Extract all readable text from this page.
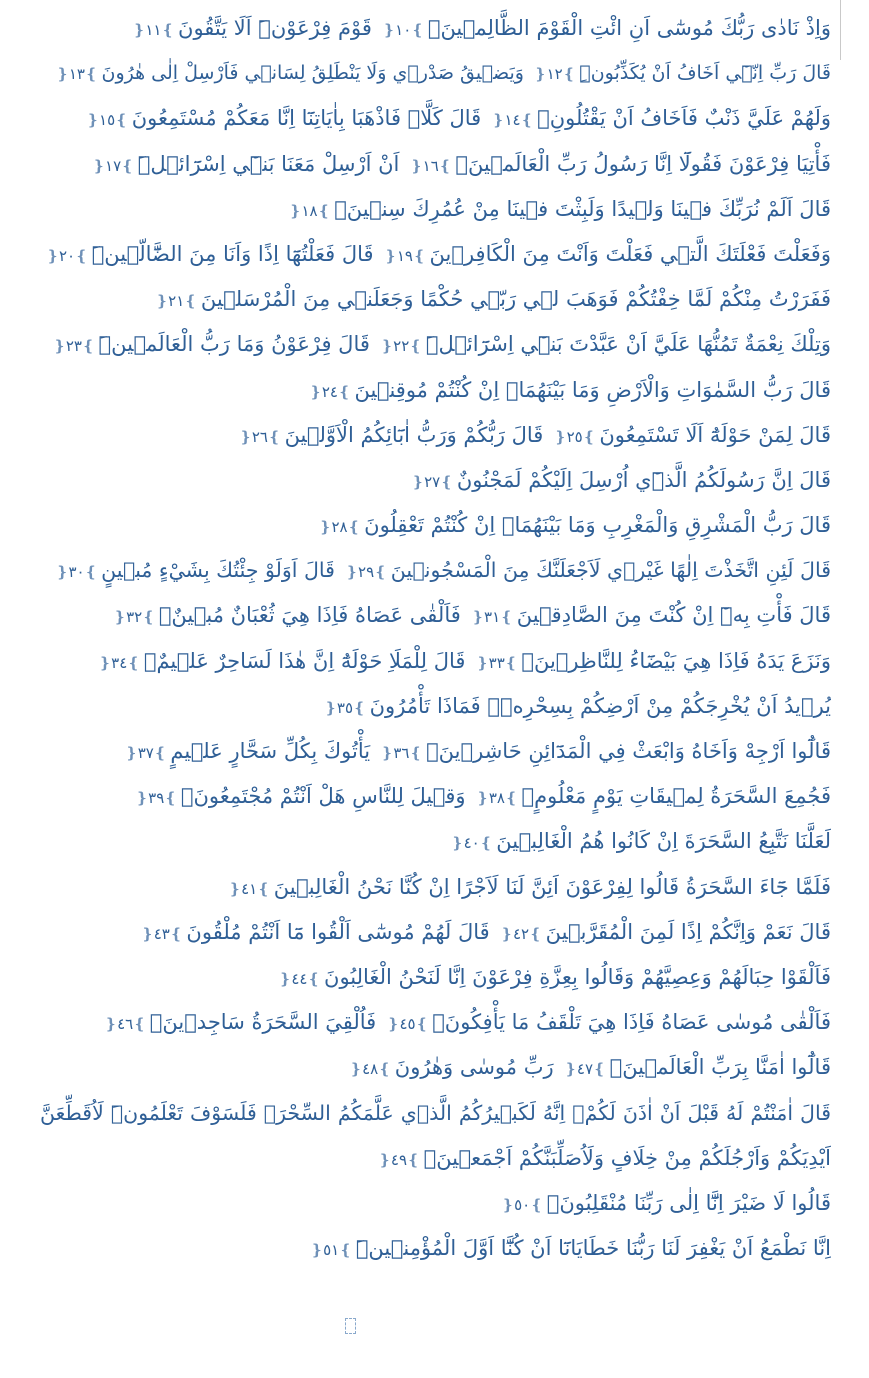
وَاِذْ نَادٰى رَبُّكَ مُوسٰٓى اَنِ ائْتِ الْقَوْمَ الظَّالِم۪ينَۙ❵١٠❴ قَوْمَ فِرْعَوْنَۜ اَلَا يَتَّقُونَ❵١١❴
قَالَ رَبِّ اِنّ۪ٓي اَخَافُ اَنْ يُكَذِّبُونِۜ❵١٢❴ وَيَض۪يقُ صَدْر۪ي وَلَا يَنْطَلِقُ لِسَان۪ي فَاَرْسِلْ اِلٰى هٰرُونَ❵١٣❴
وَلَهُمْ عَلَيَّ ذَنْبٌ فَاَخَافُ اَنْ يَقْتُلُونِۚ❵١٤❴ قَالَ كَلَّاۚ فَاذْهَبَا بِاٰيَاتِنَٓا اِنَّا مَعَكُمْ مُسْتَمِعُونَ❵١٥❴
فَأْتِيَا فِرْعَوْنَ فَقُولَٓا اِنَّا رَسُولُ رَبِّ الْعَالَم۪ينَۙ❵١٦❴ اَنْ اَرْسِلْ مَعَنَا بَن۪ٓي اِسْرَٓائ۪لَۜ❵١٧❴
قَالَ اَلَمْ نُرَبِّكَ ف۪ينَا وَل۪يدًا وَلَبِثْتَ ف۪ينَا مِنْ عُمُرِكَ سِن۪ينَۙ❵١٨❴
وَفَعَلْتَ فَعْلَتَكَ الَّت۪ي فَعَلْتَ وَاَنْتَ مِنَ الْكَافِر۪ينَ❵١٩❴ قَالَ فَعَلْتُهَٓا اِذًا وَاَنَا مِنَ الضَّٓالّ۪ينَۜ❵٢٠❴
فَفَرَرْتُ مِنْكُمْ لَمَّا خِفْتُكُمْ فَوَهَبَ ل۪ي رَبّ۪ي حُكْمًا وَجَعَلَن۪ي مِنَ الْمُرْسَل۪ينَ❵٢١❴
وَتِلْكَ نِعْمَةٌ تَمُنُّهَا عَلَيَّ اَنْ عَبَّدْتَ بَن۪ٓي اِسْرَٓائ۪لَۜ❵٢٢❴ قَالَ فِرْعَوْنُ وَمَا رَبُّ الْعَالَم۪ينَۜ❵٢٣❴
قَالَ رَبُّ السَّمٰوَاتِ وَالْاَرْضِ وَمَا بَيْنَهُمَاۜ اِنْ كُنْتُمْ مُوقِن۪ينَ❵٢٤❴
قَالَ لِمَنْ حَوْلَهُٓ اَلَا تَسْتَمِعُونَ❵٢٥❴ قَالَ رَبُّكُمْ وَرَبُّ اٰبَٓائِكُمُ الْاَوَّل۪ينَ❵٢٦❴
قَالَ اِنَّ رَسُولَكُمُ الَّذ۪ٓي اُرْسِلَ اِلَيْكُمْ لَمَجْنُونٌ❵٢٧❴
قَالَ رَبُّ الْمَشْرِقِ وَالْمَغْرِبِ وَمَا بَيْنَهُمَاۜ اِنْ كُنْتُمْ تَعْقِلُونَ❵٢٨❴
قَالَ لَئِنِ اتَّخَذْتَ اِلٰهًا غَيْر۪ي لَاَجْعَلَنَّكَ مِنَ الْمَسْجُون۪ينَ❵٢٩❴ قَالَ اَوَلَوْ جِئْتُكَ بِشَيْءٍ مُب۪ينٍ❵٣٠❴
قَالَ فَأْتِ بِه۪ٓ اِنْ كُنْتَ مِنَ الصَّادِق۪ينَ❵٣١❴ فَاَلْقٰى عَصَاهُ فَاِذَا هِيَ ثُعْبَانٌ مُب۪ينٌۚ❵٣٢❴
وَنَزَعَ يَدَهُ فَاِذَا هِيَ بَيْضَٓاءُ لِلنَّاظِر۪ينَۚ❵٣٣❴ قَالَ لِلْمَلَاِ حَوْلَهُٓ اِنَّ هٰذَا لَسَاحِرٌ عَل۪يمٌۙ❵٣٤❴
يُر۪يدُ اَنْ يُخْرِجَكُمْ مِنْ اَرْضِكُمْ بِسِحْرِه۪ۗ فَمَاذَا تَأْمُرُونَ❵٣٥❴
قَالُٓوا اَرْجِهْ وَاَخَاهُ وَابْعَثْ فِي الْمَدَٓائِنِ حَاشِر۪ينَۙ❵٣٦❴ يَأْتُوكَ بِكُلِّ سَحَّارٍ عَل۪يمٍ❵٣٧❴
فَجُمِعَ السَّحَرَةُ لِم۪يقَاتِ يَوْمٍ مَعْلُومٍۙ❵٣٨❴ وَق۪يلَ لِلنَّاسِ هَلْ اَنْتُمْ مُجْتَمِعُونَۙ❵٣٩❴
لَعَلَّنَا نَتَّبِعُ السَّحَرَةَ اِنْ كَانُوا هُمُ الْغَالِب۪ينَ❵٤٠❴
فَلَمَّا جَٓاءَ السَّحَرَةُ قَالُوا لِفِرْعَوْنَ اَئِنَّ لَنَا لَاَجْرًا اِنْ كُنَّا نَحْنُ الْغَالِب۪ينَ❵٤١❴
قَالَ نَعَمْ وَاِنَّكُمْ اِذًا لَمِنَ الْمُقَرَّب۪ينَ❵٤٢❴ قَالَ لَهُمْ مُوسٰٓى اَلْقُوا مَٓا اَنْتُمْ مُلْقُونَ❵٤٣❴
فَاَلْقَوْا حِبَالَهُمْ وَعِصِيَّهُمْ وَقَالُوا بِعِزَّةِ فِرْعَوْنَ اِنَّا لَنَحْنُ الْغَالِبُونَ❵٤٤❴
فَاَلْقٰى مُوسٰى عَصَاهُ فَاِذَا هِيَ تَلْقَفُ مَا يَأْفِكُونَۚ❵٤٥❴ فَاُلْقِيَ السَّحَرَةُ سَاجِد۪ينَۙ❵٤٦❴
قَالُٓوا اٰمَنَّا بِرَبِّ الْعَالَم۪ينَۙ❵٤٧❴ رَبِّ مُوسٰى وَهٰرُونَ❵٤٨❴
قَالَ اٰمَنْتُمْ لَهُ قَبْلَ اَنْ اٰذَنَ لَكُمْۚ اِنَّهُ لَكَب۪يرُكُمُ الَّذ۪ي عَلَّمَكُمُ السِّحْرَۚ فَلَسَوْفَ تَعْلَمُونَۜ لَاُقَطِّعَنَّ
اَيْدِيَكُمْ وَاَرْجُلَكُمْ مِنْ خِلَافٍ وَلَاُصَلِّبَنَّكُمْ اَجْمَع۪ينَۚ❵٤٩❴
قَالُوا لَا ضَيْرَ اِنَّٓا اِلٰى رَبِّنَا مُنْقَلِبُونَۚ❵٥٠❴
اِنَّا نَطْمَعُ اَنْ يَغْفِرَ لَنَا رَبُّنَا خَطَايَانَٓا اَنْ كُنَّٓا اَوَّلَ الْمُؤْمِن۪ينَۜ❵٥١❴
